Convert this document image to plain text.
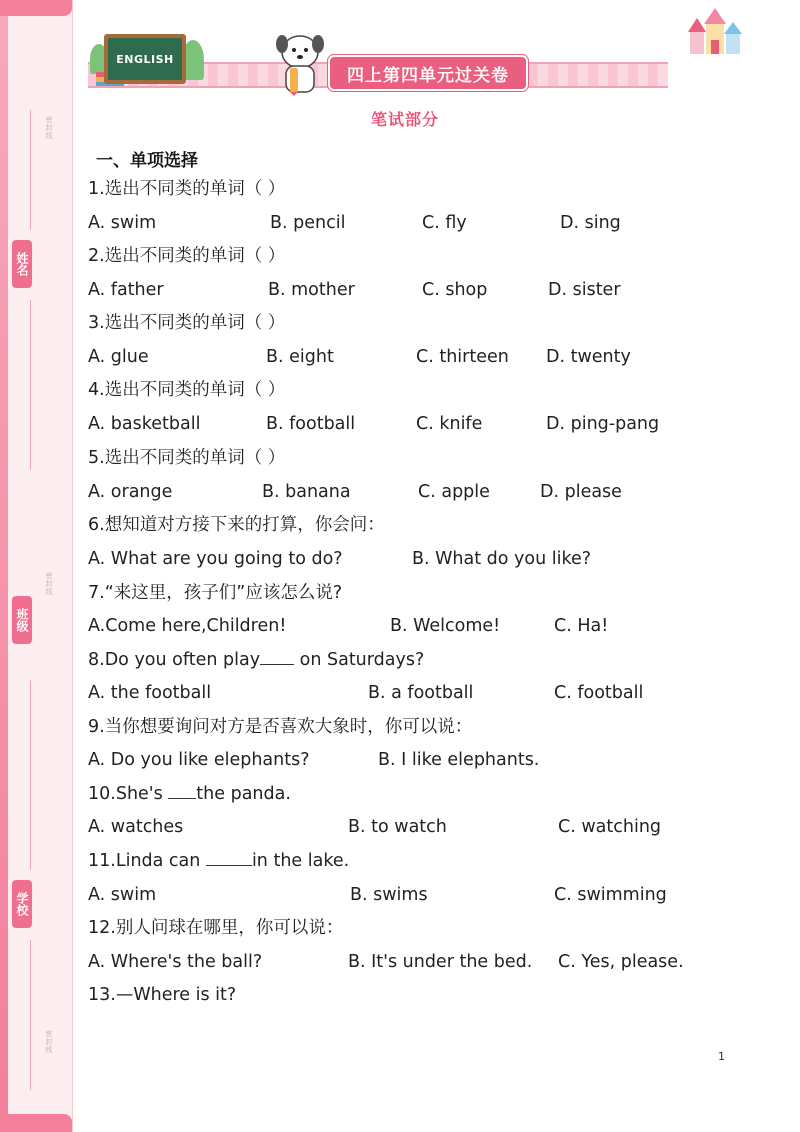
密封线
密封线
密封线
姓名
班级
学校
ENGLISH
四上第四单元过关卷
笔试部分
一、单项选择
1.选出不同类的单词（ ）
A. swim	B. pencil	C. fly	D. sing
2.选出不同类的单词（ ）
A. father	B. mother	C. shop	D. sister
3.选出不同类的单词（ ）
A. glue	B. eight	C. thirteen D. twenty
4.选出不同类的单词（ ）
A. basketball	B. football	C. knife	D. ping-pang
5.选出不同类的单词（ ）
A. orange	B. banana	C. apple	D. please
6.想知道对方接下来的打算，你会问：
A. What are you going to do?	B. What do you like?
7.“来这里，孩子们”应该怎么说?
A.Come here,Children!	B. Welcome!	C. Ha!
8.Do you often play on Saturdays?
A. the football	B. a football	C. football
9.当你想要询问对方是否喜欢大象时，你可以说：
A. Do you like elephants?	B. I like elephants.
10.She's the panda.
A. watches	B. to watch	C. watching
11.Linda can	in the lake.
A. swim	B. swims	C. swimming
12.别人问球在哪里，你可以说：
A. Where's the ball?	B. It's under the bed. C. Yes, please.
13.—Where is it?
1
